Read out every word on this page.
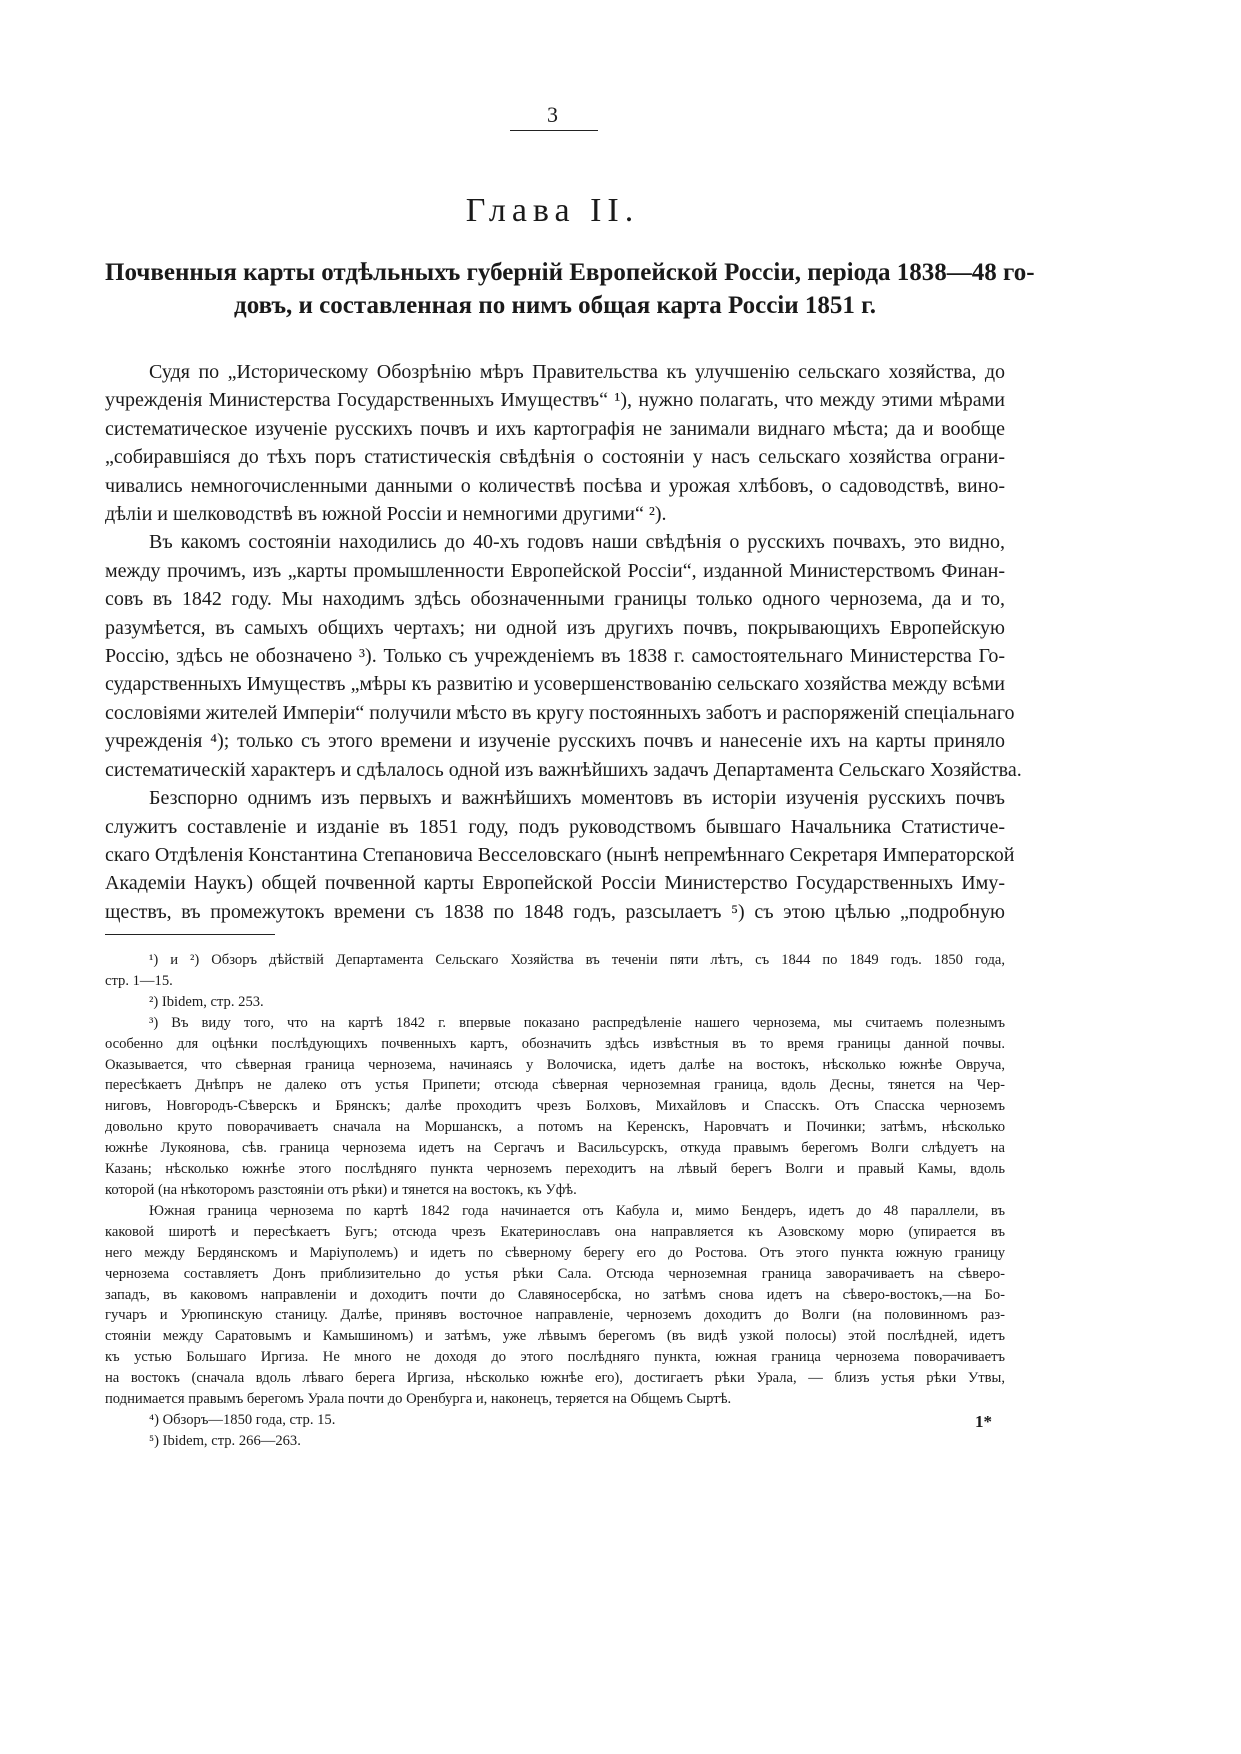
3
Глава II.
Почвенныя карты отдѣльныхъ губерній Европейской Россіи, періода 1838—48 го-
довъ, и составленная по нимъ общая карта Россіи 1851 г.
Судя по „Историческому Обозрѣнію мѣръ Правительства къ улучшенію сельскаго хозяйства, до
учрежденія Министерства Государственныхъ Имуществъ“ ¹), нужно полагать, что между этими мѣрами
систематическое изученіе русскихъ почвъ и ихъ картографія не занимали виднаго мѣста; да и вообще
„собиравшіяся до тѣхъ поръ статистическія свѣдѣнія о состояніи у насъ сельскаго хозяйства ограни-
чивались немногочисленными данными о количествѣ посѣва и урожая хлѣбовъ, о садоводствѣ, вино-
дѣліи и шелководствѣ въ южной Россіи и немногими другими“ ²).
Въ какомъ состояніи находились до 40-хъ годовъ наши свѣдѣнія о русскихъ почвахъ, это видно,
между прочимъ, изъ „карты промышленности Европейской Россіи“, изданной Министерствомъ Финан-
совъ въ 1842 году. Мы находимъ здѣсь обозначенными границы только одного чернозема, да и то,
разумѣется, въ самыхъ общихъ чертахъ; ни одной изъ другихъ почвъ, покрывающихъ Европейскую
Россію, здѣсь не обозначено ³). Только съ учрежденіемъ въ 1838 г. самостоятельнаго Министерства Го-
сударственныхъ Имуществъ „мѣры къ развитію и усовершенствованію сельскаго хозяйства между всѣми
сословіями жителей Имперіи“ получили мѣсто въ кругу постоянныхъ заботъ и распоряженій спеціальнаго
учрежденія ⁴); только съ этого времени и изученіе русскихъ почвъ и нанесеніе ихъ на карты приняло
систематическій характеръ и сдѣлалось одной изъ важнѣйшихъ задачъ Департамента Сельскаго Хозяйства.
Безспорно однимъ изъ первыхъ и важнѣйшихъ моментовъ въ исторіи изученія русскихъ почвъ
служитъ составленіе и изданіе въ 1851 году, подъ руководствомъ бывшаго Начальника Статистиче-
скаго Отдѣленія Константина Степановича Весселовскаго (нынѣ непремѣннаго Секретаря Императорской
Академіи Наукъ) общей почвенной карты Европейской Россіи Министерство Государственныхъ Иму-
ществъ, въ промежутокъ времени съ 1838 по 1848 годъ, разсылаетъ ⁵) съ этою цѣлью „подробную
¹) и ²) Обзоръ дѣйствій Департамента Сельскаго Хозяйства въ теченіи пяти лѣтъ, съ 1844 по 1849 годъ. 1850 года,
стр. 1—15.
²) Ibidem, стр. 253.
³) Въ виду того, что на картѣ 1842 г. впервые показано распредѣленіе нашего чернозема, мы считаемъ полезнымъ
особенно для оцѣнки послѣдующихъ почвенныхъ картъ, обозначить здѣсь извѣстныя въ то время границы данной почвы.
Оказывается, что сѣверная граница чернозема, начинаясь у Волочиска, идетъ далѣе на востокъ, нѣсколько южнѣе Овруча,
пересѣкаетъ Днѣпръ не далеко отъ устья Припети; отсюда сѣверная черноземная граница, вдоль Десны, тянется на Чер-
ниговъ, Новгородъ-Сѣверскъ и Брянскъ; далѣе проходитъ чрезъ Болховъ, Михайловъ и Спасскъ. Отъ Спасска черноземъ
довольно круто поворачиваетъ сначала на Моршанскъ, а потомъ на Керенскъ, Наровчатъ и Починки; затѣмъ, нѣсколько
южнѣе Лукоянова, сѣв. граница чернозема идетъ на Сергачъ и Васильсурскъ, откуда правымъ берегомъ Волги слѣдуетъ на
Казань; нѣсколько южнѣе этого послѣдняго пункта черноземъ переходитъ на лѣвый берегъ Волги и правый Камы, вдоль
которой (на нѣкоторомъ разстояніи отъ рѣки) и тянется на востокъ, къ Уфѣ.
Южная граница чернозема по картѣ 1842 года начинается отъ Кабула и, мимо Бендеръ, идетъ до 48 параллели, въ
каковой широтѣ и пересѣкаетъ Бугъ; отсюда чрезъ Екатеринославъ она направляется къ Азовскому морю (упирается въ
него между Бердянскомъ и Маріуполемъ) и идетъ по сѣверному берегу его до Ростова. Отъ этого пункта южную границу
чернозема составляетъ Донъ приблизительно до устья рѣки Сала. Отсюда черноземная граница заворачиваетъ на сѣверо-
западъ, въ каковомъ направленіи и доходитъ почти до Славяносербска, но затѣмъ снова идетъ на сѣверо-востокъ,—на Бо-
гучаръ и Урюпинскую станицу. Далѣе, принявъ восточное направленіе, черноземъ доходитъ до Волги (на половинномъ раз-
стояніи между Саратовымъ и Камышиномъ) и затѣмъ, уже лѣвымъ берегомъ (въ видѣ узкой полосы) этой послѣдней, идетъ
къ устью Большаго Иргиза. Не много не доходя до этого послѣдняго пункта, южная граница чернозема поворачиваетъ
на востокъ (сначала вдоль лѣваго берега Иргиза, нѣсколько южнѣе его), достигаетъ рѣки Урала, — близъ устья рѣки Утвы,
поднимается правымъ берегомъ Урала почти до Оренбурга и, наконецъ, теряется на Общемъ Сыртѣ.
⁴) Обзоръ—1850 года, стр. 15.
⁵) Ibidem, стр. 266—263.
1*
